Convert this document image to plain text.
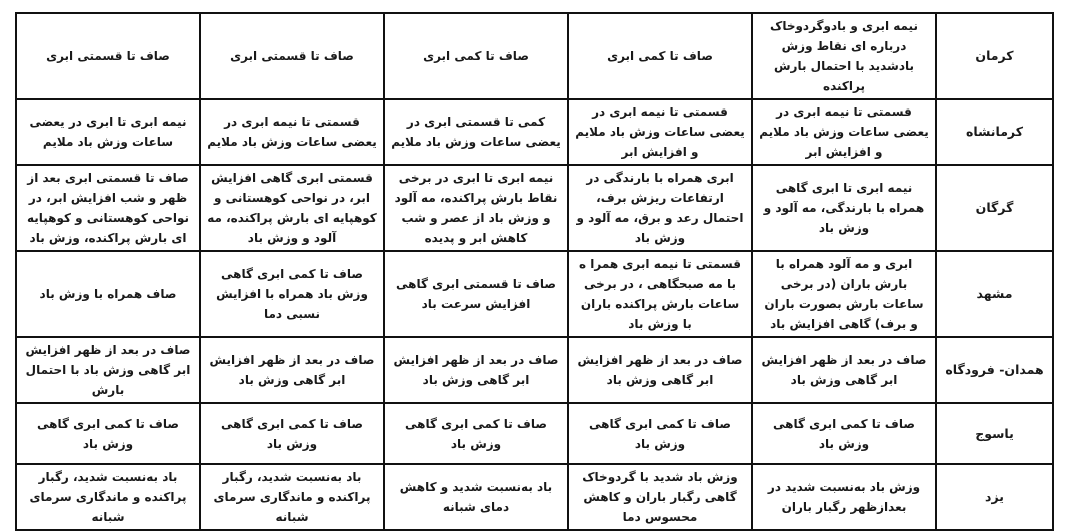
کرمان	نیمه ابری و بادوگردوخاک درباره ای نقاط وزش بادشدید با احتمال بارش پراکنده	صاف تا کمی ابری	صاف تا کمی ابری	صاف تا قسمتی ابری	صاف تا قسمتی ابری
کرمانشاه	قسمتی تا نیمه ابری در یعضی ساعات وزش باد ملایم و افزایش ابر	قسمتی تا نیمه ابری در یعضی ساعات وزش باد ملایم و افزایش ابر	کمی تا قسمتی ابری در یعضی ساعات وزش باد ملایم	قسمتی تا نیمه ابری در یعضی ساعات وزش باد ملایم	نیمه ابری تا ابری در یعضی ساعات وزش باد ملایم
گرگان	نیمه ابری تا ابری گاهی همراه با بارندگی، مه آلود و وزش باد	ابری همراه با بارندگی در ارتفاعات ریزش برف، احتمال رعد و برق، مه آلود و وزش باد	نیمه ابری تا ابری در برخی نقاط بارش پراکنده، مه آلود و وزش باد از عصر و شب کاهش ابر و پدیده	قسمتی ابری گاهی افزایش ابر، در نواحی کوهستانی و کوهپایه ای بارش پراکنده، مه آلود و وزش باد	صاف تا قسمتی ابری بعد از ظهر و شب افزایش ابر، در نواحی کوهستانی و کوهپایه ای بارش پراکنده، وزش باد
مشهد	ابری و مه آلود همراه با بارش باران (در برخی ساعات بارش بصورت باران و برف) گاهی افزایش باد	قسمتی تا نیمه ابری همرا ه با مه صبحگاهی ، در برخی ساعات بارش پراکنده باران با وزش باد	صاف تا قسمتی ابری گاهی افزایش سرعت باد	صاف تا کمی ابری گاهی وزش باد همراه با افزایش نسبی دما	صاف همراه با وزش باد
همدان- فرودگاه	صاف در بعد از ظهر افزایش ابر گاهی وزش باد	صاف در بعد از ظهر افزایش ابر گاهی وزش باد	صاف در بعد از ظهر افزایش ابر گاهی وزش باد	صاف در بعد از ظهر افزایش ابر گاهی وزش باد	صاف در بعد از ظهر افزایش ابر گاهی وزش باد با احتمال بارش
یاسوج	صاف تا کمی ابری گاهی وزش باد	صاف تا کمی ابری گاهی وزش باد	صاف تا کمی ابری گاهی وزش باد	صاف تا کمی ابری گاهی وزش باد	صاف تا کمی ابری گاهی وزش باد
یزد	وزش باد به‌نسبت شدید در بعدازظهر رگبار باران	وزش باد شدید با گردوخاک گاهی رگبار باران و کاهش محسوس دما	باد به‌نسبت شدید و کاهش دمای شبانه	باد به‌نسبت شدید، رگبار پراکنده و ماندگاری سرمای شبانه	باد به‌نسبت شدید، رگبار پراکنده و ماندگاری سرمای شبانه
